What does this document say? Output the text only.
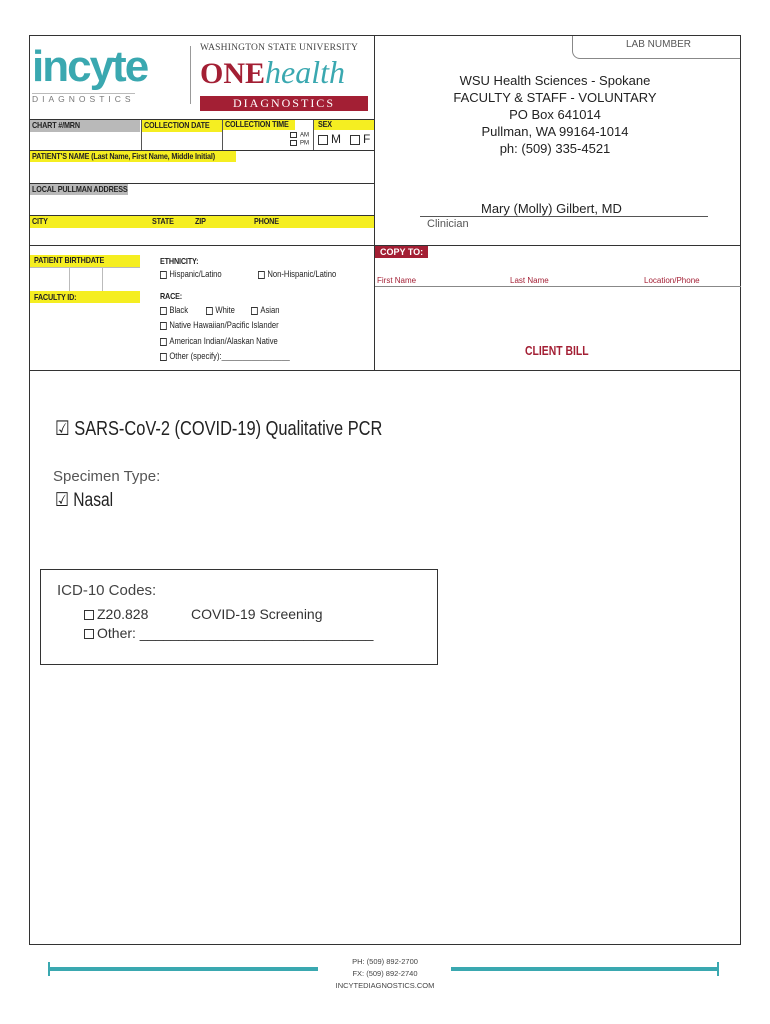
LAB NUMBER
incyte
DIAGNOSTICS
WASHINGTON STATE UNIVERSITY
ONEhealth
DIAGNOSTICS
WSU Health Sciences - Spokane
FACULTY & STAFF - VOLUNTARY
PO Box 641014
Pullman, WA 99164-1014
ph: (509) 335-4521
Mary (Molly) Gilbert, MD
Clinician
CHART #/MRN	COLLECTION DATE COLLECTION TIME
AM
PM
SEX
M	F
PATIENT'S NAME (Last Name, First Name, Middle Initial)
LOCAL PULLMAN ADDRESS
CITY	STATE ZIP	PHONE
PATIENT BIRTHDATE
FACULTY ID:
ETHNICITY:
Hispanic/Latino	Non-Hispanic/Latino
RACE:
Black	White	Asian
Native Hawaiian/Pacific Islander
American Indian/Alaskan Native
Other (specify):________________
COPY TO:
First Name	Last Name	Location/Phone
CLIENT BILL
☑ SARS-CoV-2 (COVID-19) Qualitative PCR
Specimen Type:
☑ Nasal
ICD-10 Codes:
Z20.828	COVID-19 Screening
Other: ______________________________
PH: (509) 892-2700
FX: (509) 892-2740
INCYTEDIAGNOSTICS.COM
